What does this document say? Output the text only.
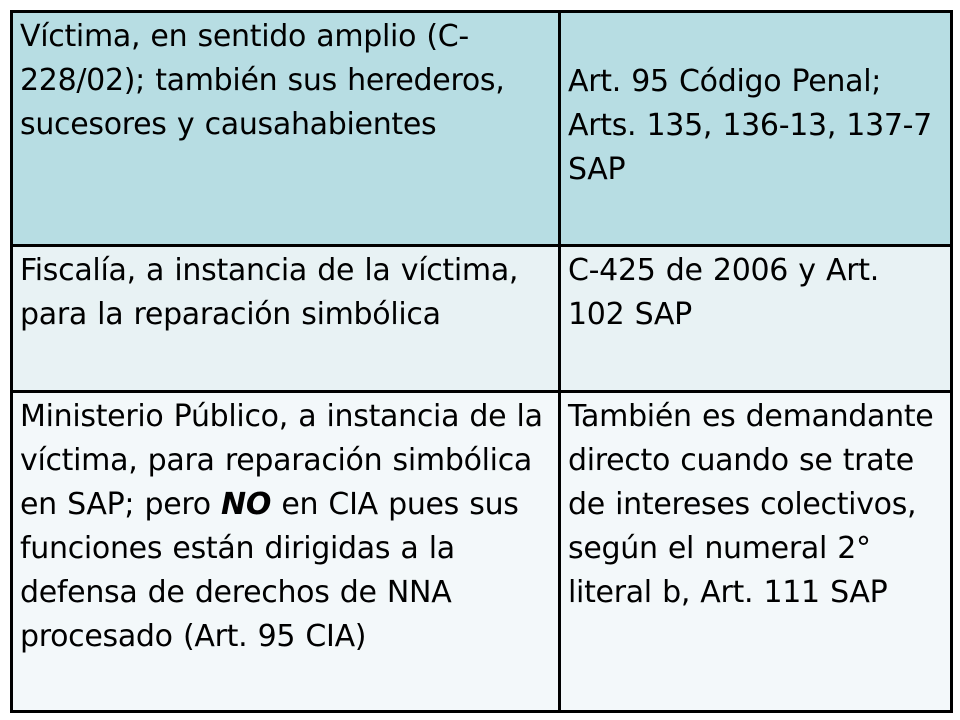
Víctima, en sentido amplio (C-228/02); también sus herederos, sucesores y causahabientes	Art. 95 Código Penal; Arts. 135, 136-13, 137-7 SAP
Fiscalía, a instancia de la víctima, para la reparación simbólica	C-425 de 2006 y Art. 102 SAP
Ministerio Público, a instancia de la víctima, para reparación simbólica en SAP; pero NO en CIA pues sus funciones están dirigidas a la defensa de derechos de NNA procesado (Art. 95 CIA)	También es demandante directo cuando se trate de intereses colectivos, según el numeral 2° literal b, Art. 111 SAP
